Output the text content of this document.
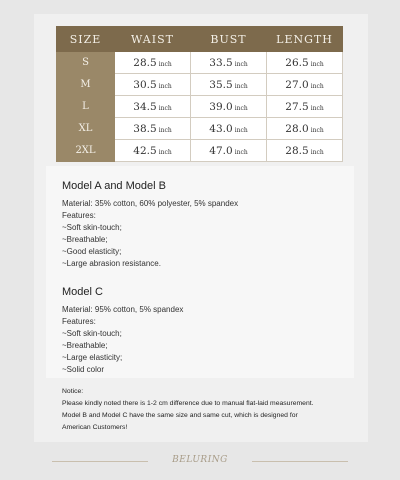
SIZE	WAIST	BUST	LENGTH
S	28.5 inch	33.5 inch	26.5 inch
M	30.5 inch	35.5 inch	27.0 inch
L	34.5 inch	39.0 inch	27.5 inch
XL	38.5 inch	43.0 inch	28.0 inch
2XL	42.5 inch	47.0 inch	28.5 inch

Model A and Model B

Material: 35% cotton, 60% polyester, 5% spandex
Features:
~Soft skin-touch;
~Breathable;
~Good elasticity;
~Large abrasion resistance.

Model C

Material: 95% cotton, 5% spandex
Features:
~Soft skin-touch;
~Breathable;
~Large elasticity;
~Solid color
Notice:
Please kindly noted there is 1-2 cm difference due to manual flat-laid measurement.
Model B and Model C have the same size and same cut, which is designed for
American Customers!
BELURING
